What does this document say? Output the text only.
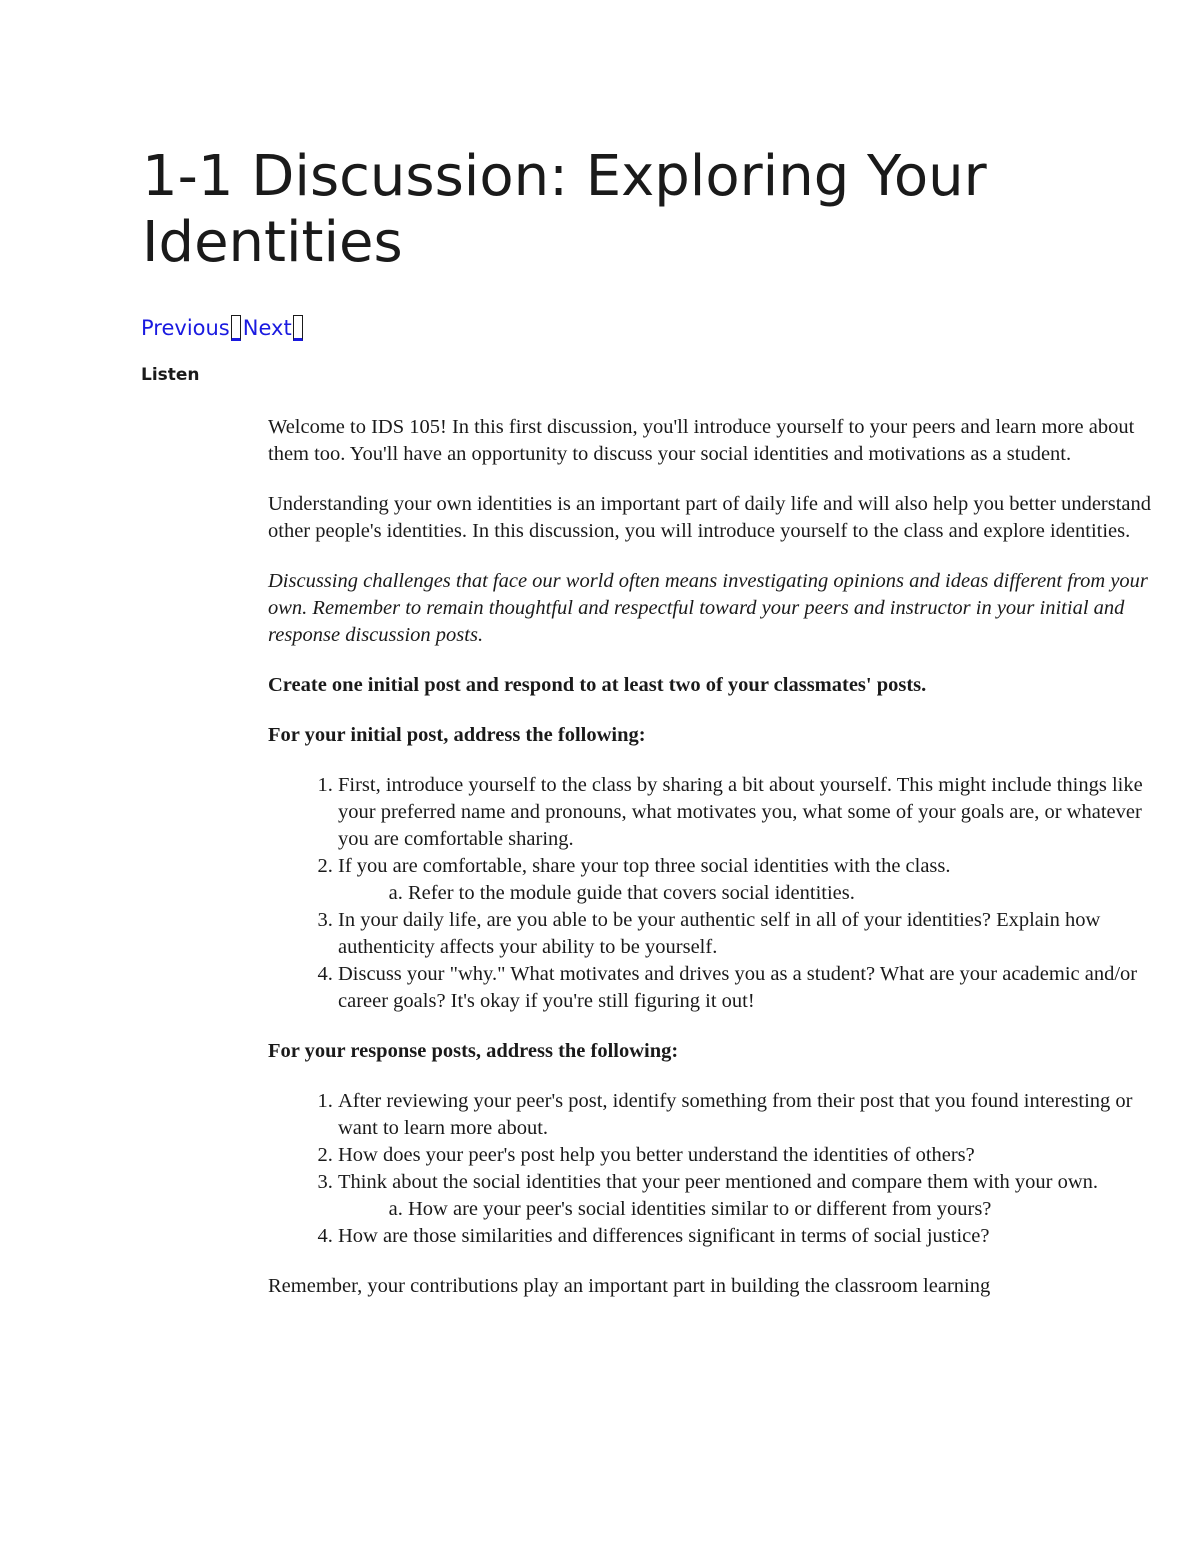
1-1 Discussion: Exploring Your Identities
Previous Next
Listen

Welcome to IDS 105! In this first discussion, you'll introduce yourself to your peers and learn more about them too. You'll have an opportunity to discuss your social identities and motivations as a student.

Understanding your own identities is an important part of daily life and will also help you better understand other people's identities. In this discussion, you will introduce yourself to the class and explore identities.

Discussing challenges that face our world often means investigating opinions and ideas different from your own. Remember to remain thoughtful and respectful toward your peers and instructor in your initial and response discussion posts.

Create one initial post and respond to at least two of your classmates' posts.

For your initial post, address the following:

1. First, introduce yourself to the class by sharing a bit about yourself. This might include things like your preferred name and pronouns, what motivates you, what some of your goals are, or whatever you are comfortable sharing.
2. If you are comfortable, share your top three social identities with the class.
a. Refer to the module guide that covers social identities.
3. In your daily life, are you able to be your authentic self in all of your identities? Explain how authenticity affects your ability to be yourself.
4. Discuss your "why." What motivates and drives you as a student? What are your academic and/or career goals? It's okay if you're still figuring it out!

For your response posts, address the following:

1. After reviewing your peer's post, identify something from their post that you found interesting or want to learn more about.
2. How does your peer's post help you better understand the identities of others?
3. Think about the social identities that your peer mentioned and compare them with your own.
a. How are your peer's social identities similar to or different from yours?
4. How are those similarities and differences significant in terms of social justice?

Remember, your contributions play an important part in building the classroom learning
